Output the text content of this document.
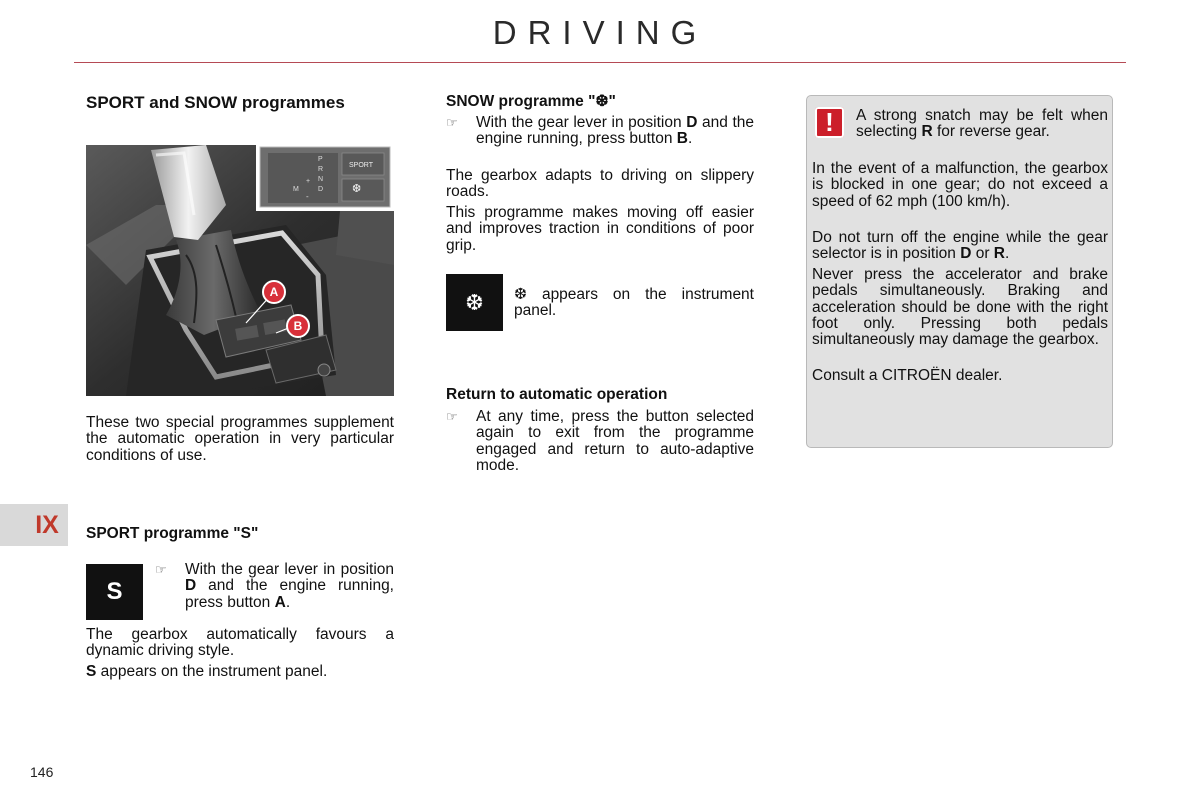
DRIVING
SPORT and SNOW programmes
SPORT
❆
P
R
N
D
M
+
-
A
B
These two special programmes supplement the automatic operation in very particular conditions of use.
IX	SPORT programme "S"
S
☞	With the gear lever in position D and the engine running, press button A.
The gearbox automatically favours a dynamic driving style.
S appears on the instrument panel.
SNOW programme "❆"
☞	With the gear lever in position D and the engine running, press button B.
The gearbox adapts to driving on slippery roads.
This programme makes moving off easier and improves traction in conditions of poor grip.
❆	❆ appears on the instrument panel.
Return to automatic operation
☞	At any time, press the button selected again to exit from the programme engaged and return to auto-adaptive mode.
!	A strong snatch may be felt when selecting R for reverse gear.
In the event of a malfunction, the gearbox is blocked in one gear; do not exceed a speed of 62 mph (100 km/h).
Do not turn off the engine while the gear selector is in position D or R.
Never press the accelerator and brake pedals simultaneously. Braking and acceleration should be done with the right foot only. Pressing both pedals simultaneously may damage the gearbox.
Consult a CITROËN dealer.
146
